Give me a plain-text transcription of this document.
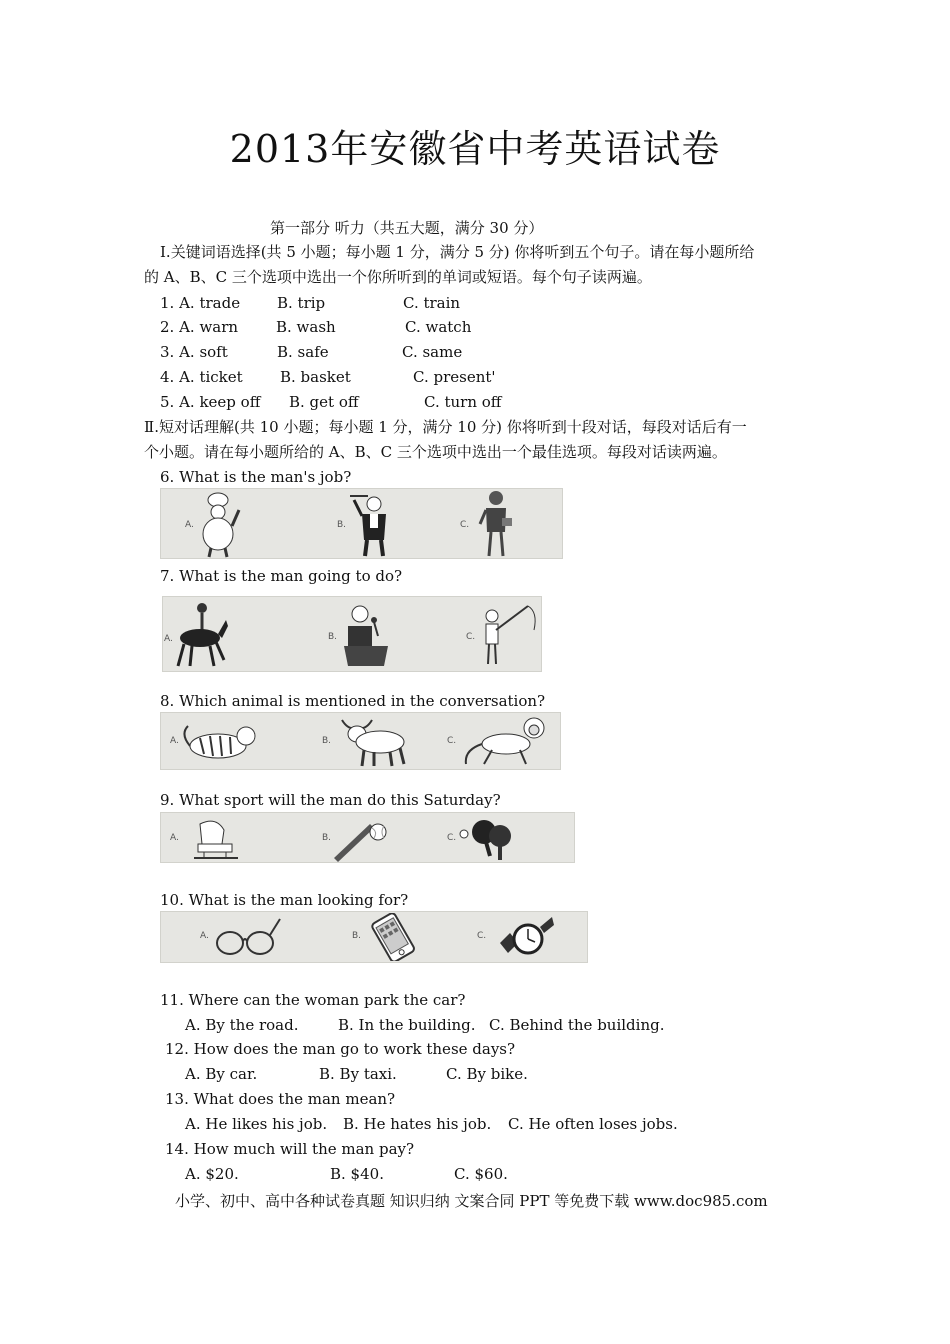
2013年安徽省中考英语试卷
第一部分 听力（共五大题，满分 30 分）
I.关键词语选择(共 5 小题；每小题 1 分，满分 5 分) 你将听到五个句子。请在每小题所给
的 A、B、C 三个选项中选出一个你所听到的单词或短语。每个句子读两遍。
1. A. trade B. trip	C. train
2. A. warn	B. wash	C. watch
3. A. soft	B. safe	C. same
4. A. ticket B. basket	C. present'
5. A. keep off B. get off	C. turn off
Ⅱ.短对话理解(共 10 小题；每小题 1 分，满分 10 分) 你将听到十段对话，每段对话后有一
个小题。请在每小题所给的 A、B、C 三个选项中选出一个最佳选项。每段对话读两遍。
6. What is the man's job?
A.	B.	C.
7. What is the man going to do?
A.	B.	C.
8. Which animal is mentioned in the conversation?
A.	B.	C.
9. What sport will the man do this Saturday?
A.	B.	C.
10. What is the man looking for?
A.	B.	C.
11. Where can the woman park the car?
A. By the road.	B. In the building. C. Behind the building.
12. How does the man go to work these days?
A. By car.	B. By taxi.	C. By bike.
13. What does the man mean?
A. He likes his job. B. He hates his job. C. He often loses jobs.
14. How much will the man pay?
A. $20.	B. $40.	C. $60.
小学、初中、高中各种试卷真题 知识归纳 文案合同 PPT 等免费下载 www.doc985.com
